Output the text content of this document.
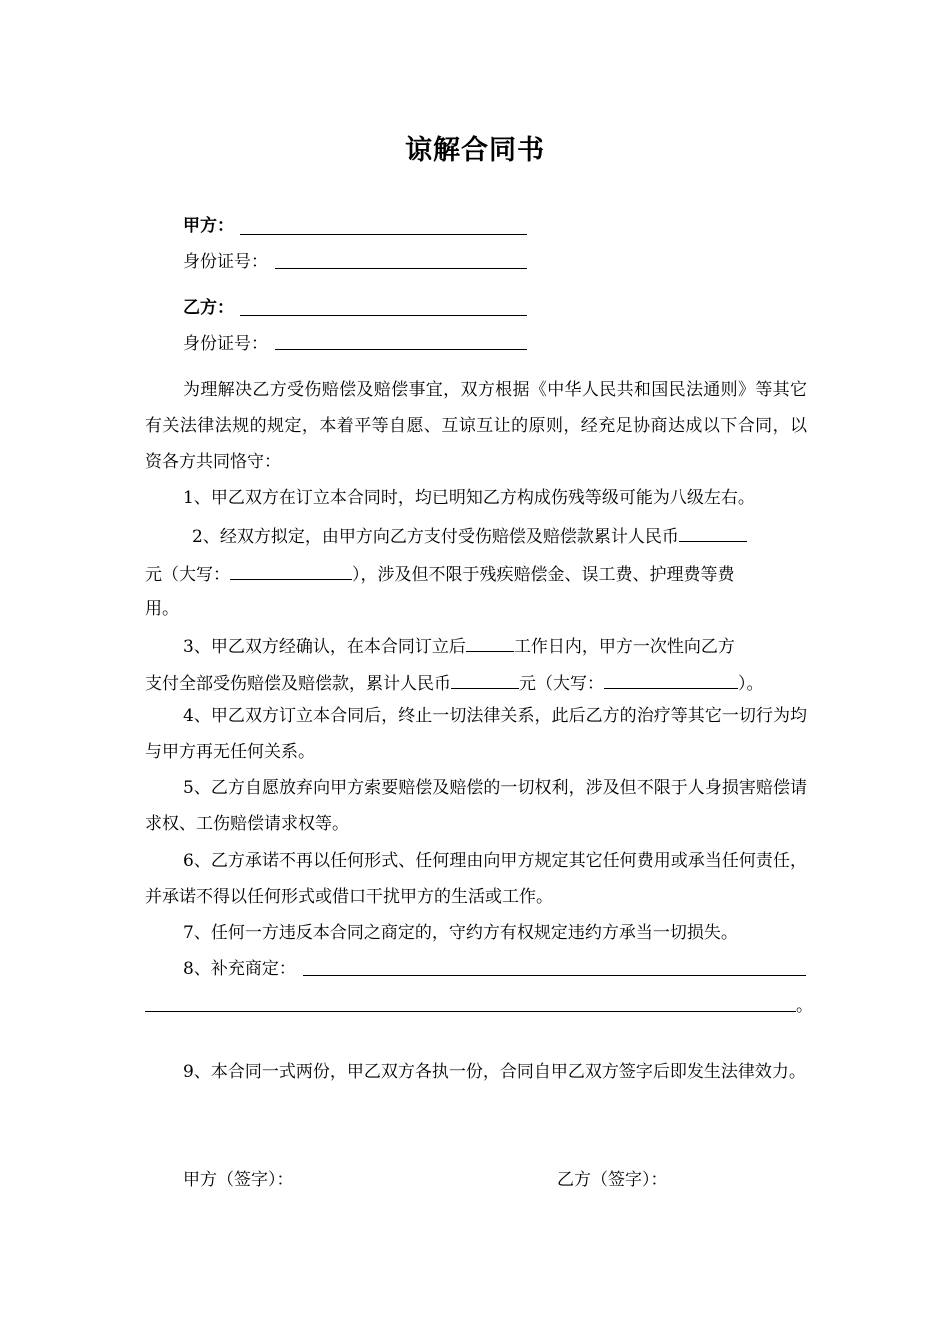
谅解合同书
甲方：
身份证号：
乙方：
身份证号：
为理解决乙方受伤赔偿及赔偿事宜，双方根据《中华人民共和国民法通则》等其它有关法律法规的规定，本着平等自愿、互谅互让的原则，经充足协商达成以下合同，以资各方共同恪守：
1、甲乙双方在订立本合同时，均已明知乙方构成伤残等级可能为八级左右。
2、经双方拟定，由甲方向乙方支付受伤赔偿及赔偿款累计人民币
元（大写：	），涉及但不限于残疾赔偿金、误工费、护理费等费
用。
3、甲乙双方经确认，在本合同订立后	工作日内，甲方一次性向乙方
支付全部受伤赔偿及赔偿款，累计人民币	元（大写：	）。
4、甲乙双方订立本合同后，终止一切法律关系，此后乙方的治疗等其它一切行为均与甲方再无任何关系。
5、乙方自愿放弃向甲方索要赔偿及赔偿的一切权利，涉及但不限于人身损害赔偿请求权、工伤赔偿请求权等。
6、乙方承诺不再以任何形式、任何理由向甲方规定其它任何费用或承当任何责任，并承诺不得以任何形式或借口干扰甲方的生活或工作。
7、任何一方违反本合同之商定的，守约方有权规定违约方承当一切损失。
8、补充商定：
。
9、本合同一式两份，甲乙双方各执一份，合同自甲乙双方签字后即发生法律效力。
甲方（签字）：	乙方（签字）：
